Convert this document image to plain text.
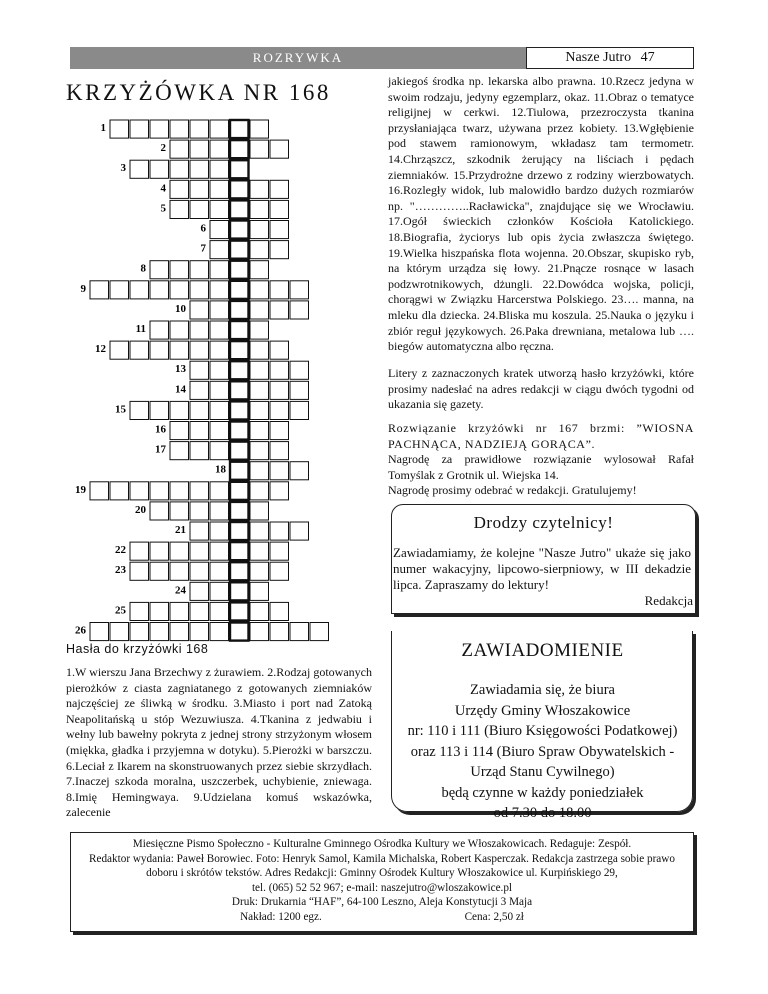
ROZRYWKA	Nasze Jutro 47
KRZYŻÓWKA NR 168
1
2
3
4
5
6
7
8
9
10
11
12
13
14
15
16
17
18
19
20
21
22
23
24
25
26
Hasła do krzyżówki 168
1.W wierszu Jana Brzechwy z żurawiem. 2.Rodzaj gotowanych pierożków z ciasta zagniatanego z gotowanych ziemniaków najczęściej ze śliwką w środku. 3.Miasto i port nad Zatoką Neapolitańską u stóp Wezuwiusza. 4.Tkanina z jedwabiu i wełny lub bawełny pokryta z jednej strony strzyżonym włosem (miękka, gładka i przyjemna w dotyku). 5.Pierożki w barszczu. 6.Leciał z Ikarem na skonstruowanych przez siebie skrzydłach. 7.Inaczej szkoda moralna, uszczerbek, uchybienie, zniewaga. 8.Imię Hemingwaya. 9.Udzielana komuś wskazówka, zalecenie
jakiegoś środka np. lekarska albo prawna. 10.Rzecz jedyna w swoim rodzaju, jedyny egzemplarz, okaz. 11.Obraz o tematyce religijnej w cerkwi. 12.Tiulowa, przezroczysta tkanina przysłaniająca twarz, używana przez kobiety. 13.Wgłębienie pod stawem ramionowym, wkładasz tam termometr. 14.Chrząszcz, szkodnik żerujący na liściach i pędach ziemniaków. 15.Przydrożne drzewo z rodziny wierzbowatych. 16.Rozległy widok, lub malowidło bardzo dużych rozmiarów np. "…………..Racławicka", znajdujące się we Wrocławiu. 17.Ogół świeckich członków Kościoła Katolickiego. 18.Biografia, życiorys lub opis życia zwłaszcza świętego. 19.Wielka hiszpańska flota wojenna. 20.Obszar, skupisko ryb, na którym urządza się łowy. 21.Pnącze rosnące w lasach podzwrotnikowych, dżungli. 22.Dowódca wojska, policji, chorągwi w Związku Harcerstwa Polskiego. 23…. manna, na mleku dla dziecka. 24.Bliska mu koszula. 25.Nauka o języku i zbiór reguł językowych. 26.Paka drewniana, metalowa lub …. biegów automatyczna albo ręczna.
Litery z zaznaczonych kratek utworzą hasło krzyżówki, które prosimy nadesłać na adres redakcji w ciągu dwóch tygodni od ukazania się gazety.
Rozwiązanie krzyżówki nr 167 brzmi: ”WIOSNA PACHNĄCA, NADZIEJĄ GORĄCA”.
Nagrodę za prawidłowe rozwiązanie wylosował Rafał Tomyślak z Grotnik ul. Wiejska 14.
Nagrodę prosimy odebrać w redakcji. Gratulujemy!
Drodzy czytelnicy!
Zawiadamiamy, że kolejne "Nasze Jutro" ukaże się jako numer wakacyjny, lipcowo-sierpniowy, w III dekadzie lipca. Zapraszamy do lektury!
Redakcja
ZAWIADOMIENIE
Zawiadamia się, że biura
Urzędy Gminy Włoszakowice
nr: 110 i 111 (Biuro Księgowości Podatkowej)
oraz 113 i 114 (Biuro Spraw Obywatelskich -
Urząd Stanu Cywilnego)
będą czynne w każdy poniedziałek
od 7.30 do 18.00
Miesięczne Pismo Społeczno - Kulturalne Gminnego Ośrodka Kultury we Włoszakowicach. Redaguje: Zespół.
Redaktor wydania: Paweł Borowiec. Foto: Henryk Samol, Kamila Michalska, Robert Kasperczak. Redakcja zastrzega sobie prawo
doboru i skrótów tekstów. Adres Redakcji: Gminny Ośrodek Kultury Włoszakowice ul. Kurpińskiego 29,
tel. (065) 52 52 967; e-mail: naszejutro@wloszakowice.pl
Druk: Drukarnia “HAF”, 64-100 Leszno, Aleja Konstytucji 3 Maja
Nakład: 1200 egz.	Cena: 2,50 zł
